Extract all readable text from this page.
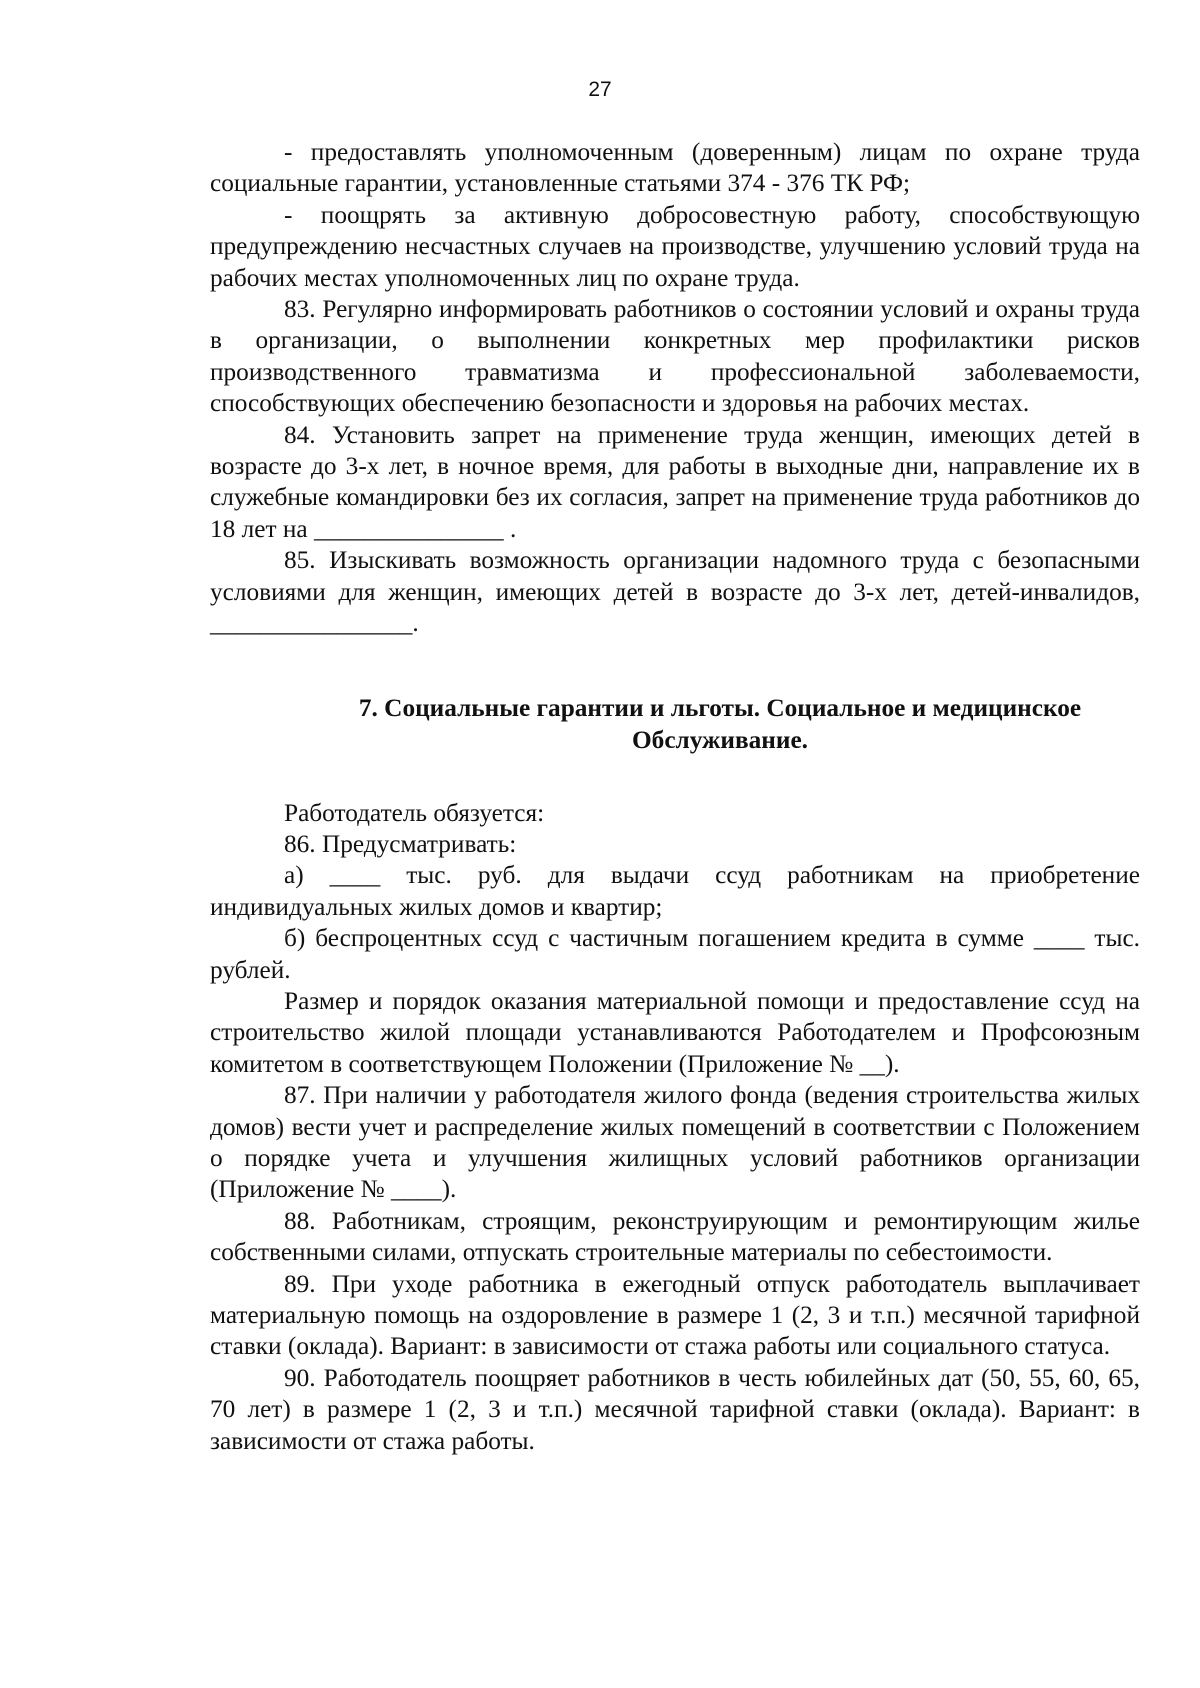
27

- предоставлять уполномоченным (доверенным) лицам по охране труда социальные гарантии, установленные статьями 374 - 376 ТК РФ;

- поощрять за активную добросовестную работу, способствующую предупреждению несчастных случаев на производстве, улучшению условий труда на рабочих местах уполномоченных лиц по охране труда.

83. Регулярно информировать работников о состоянии условий и охраны труда в организации, о выполнении конкретных мер профилактики рисков производственного травматизма и профессиональной заболеваемости, способствующих обеспечению безопасности и здоровья на рабочих местах.

84. Установить запрет на применение труда женщин, имеющих детей в возрасте до 3-х лет, в ночное время, для работы в выходные дни, направление их в служебные командировки без их согласия, запрет на применение труда работников до 18 лет на _______________ .

85. Изыскивать возможность организации надомного труда с безопасными условиями для женщин, имеющих детей в возрасте до 3-х лет, детей-инвалидов, ________________.

7. Социальные гарантии и льготы. Социальное и медицинское Обслуживание.

Работодатель обязуется:

86. Предусматривать:

а) ____ тыс. руб. для выдачи ссуд работникам на приобретение индивидуальных жилых домов и квартир;

б) беспроцентных ссуд с частичным погашением кредита в сумме ____ тыс. рублей.

Размер и порядок оказания материальной помощи и предоставление ссуд на строительство жилой площади устанавливаются Работодателем и Профсоюзным комитетом в соответствующем Положении (Приложение № __).

87. При наличии у работодателя жилого фонда (ведения строительства жилых домов) вести учет и распределение жилых помещений в соответствии с Положением о порядке учета и улучшения жилищных условий работников организации (Приложение № ____).

88. Работникам, строящим, реконструирующим и ремонтирующим жилье собственными силами, отпускать строительные материалы по себестоимости.

89. При уходе работника в ежегодный отпуск работодатель выплачивает материальную помощь на оздоровление в размере 1 (2, 3 и т.п.) месячной тарифной ставки (оклада). Вариант: в зависимости от стажа работы или социального статуса.

90. Работодатель поощряет работников в честь юбилейных дат (50, 55, 60, 65, 70 лет) в размере 1 (2, 3 и т.п.) месячной тарифной ставки (оклада). Вариант: в зависимости от стажа работы.
